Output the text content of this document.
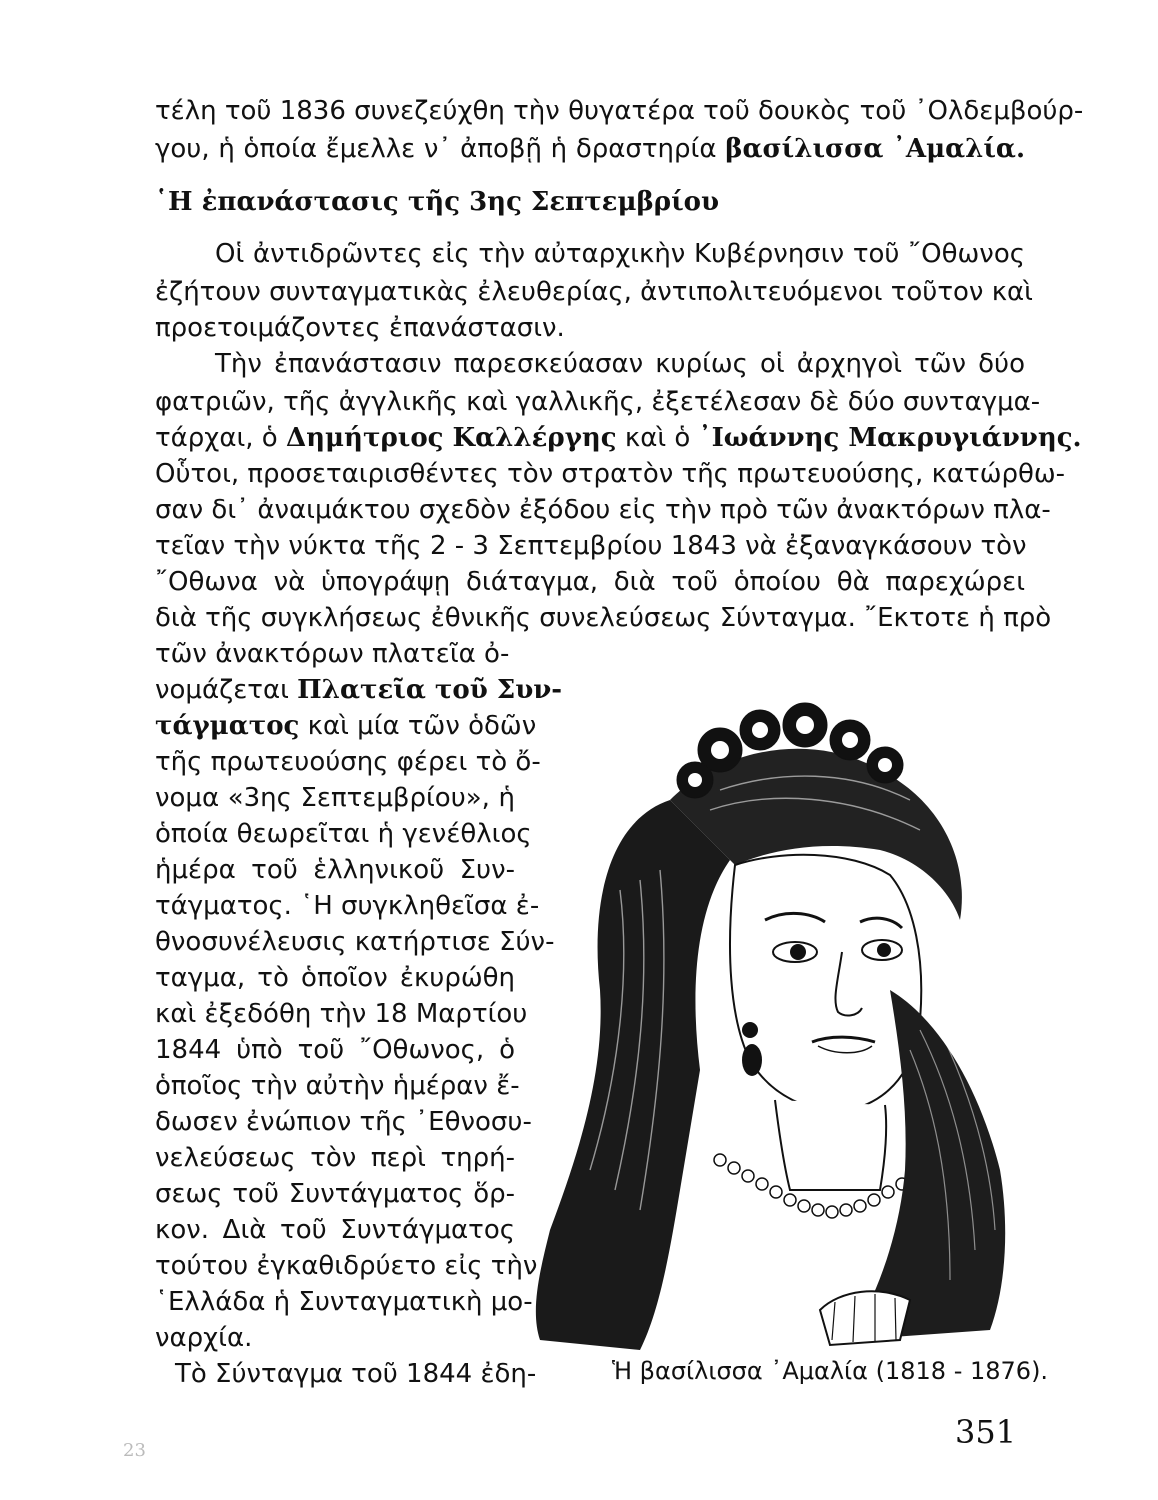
τέλη τοῦ 1836 συνεζεύχθη τὴν θυγατέρα τοῦ δουκὸς τοῦ ᾿Ολδεμβούρ-
γου, ἡ ὁποία ἔμελλε ν᾽ ἀποβῇ ἡ δραστηρία βασίλισσα ᾿Αμαλία.
῾Η ἐπανάστασις τῆς 3ης Σεπτεμβρίου
Οἱ ἀντιδρῶντες εἰς τὴν αὐταρχικὴν Κυβέρνησιν τοῦ ῎Οθωνος
ἐζήτουν συνταγματικὰς ἐλευθερίας, ἀντιπολιτευόμενοι τοῦτον καὶ
προετοιμάζοντες ἐπανάστασιν.
Τὴν ἐπανάστασιν παρεσκεύασαν κυρίως οἱ ἀρχηγοὶ τῶν δύο
φατριῶν, τῆς ἀγγλικῆς καὶ γαλλικῆς, ἐξετέλεσαν δὲ δύο συνταγμα-
τάρχαι, ὁ Δημήτριος Καλλέργης καὶ ὁ ᾿Ιωάννης Μακρυγιάννης.
Οὗτοι, προσεταιρισθέντες τὸν στρατὸν τῆς πρωτευούσης, κατώρθω-
σαν δι᾽ ἀναιμάκτου σχεδὸν ἐξόδου εἰς τὴν πρὸ τῶν ἀνακτόρων πλα-
τεῖαν τὴν νύκτα τῆς 2 - 3 Σεπτεμβρίου 1843 νὰ ἐξαναγκάσουν τὸν
῎Οθωνα νὰ ὑπογράψῃ διάταγμα, διὰ τοῦ ὁποίου θὰ παρεχώρει
διὰ τῆς συγκλήσεως ἐθνικῆς συνελεύσεως Σύνταγμα. ῎Εκτοτε ἡ πρὸ
τῶν ἀνακτόρων πλατεῖα ὀ-
νομάζεται Πλατεῖα τοῦ Συν-
τάγματος καὶ μία τῶν ὁδῶν
τῆς πρωτευούσης φέρει τὸ ὄ-
νομα «3ης Σεπτεμβρίου», ἡ
ὁποία θεωρεῖται ἡ γενέθλιος
ἡμέρα τοῦ ἑλληνικοῦ Συν-
τάγματος. ῾Η συγκληθεῖσα ἐ-
θνοσυνέλευσις κατήρτισε Σύν-
ταγμα, τὸ ὁποῖον ἐκυρώθη
καὶ ἐξεδόθη τὴν 18 Μαρτίου
1844 ὑπὸ τοῦ ῎Οθωνος, ὁ
ὁποῖος τὴν αὐτὴν ἡμέραν ἔ-
δωσεν ἐνώπιον τῆς ᾿Εθνοσυ-
νελεύσεως τὸν περὶ τηρή-
σεως τοῦ Συντάγματος ὅρ-
κον. Διὰ τοῦ Συντάγματος
τούτου ἐγκαθιδρύετο εἰς τὴν
῾Ελλάδα ἡ Συνταγματικὴ μο-
ναρχία.
Τὸ Σύνταγμα τοῦ 1844 ἐδη-	Ἡ βασίλισσα ᾿Αμαλία (1818 - 1876).
351
23
